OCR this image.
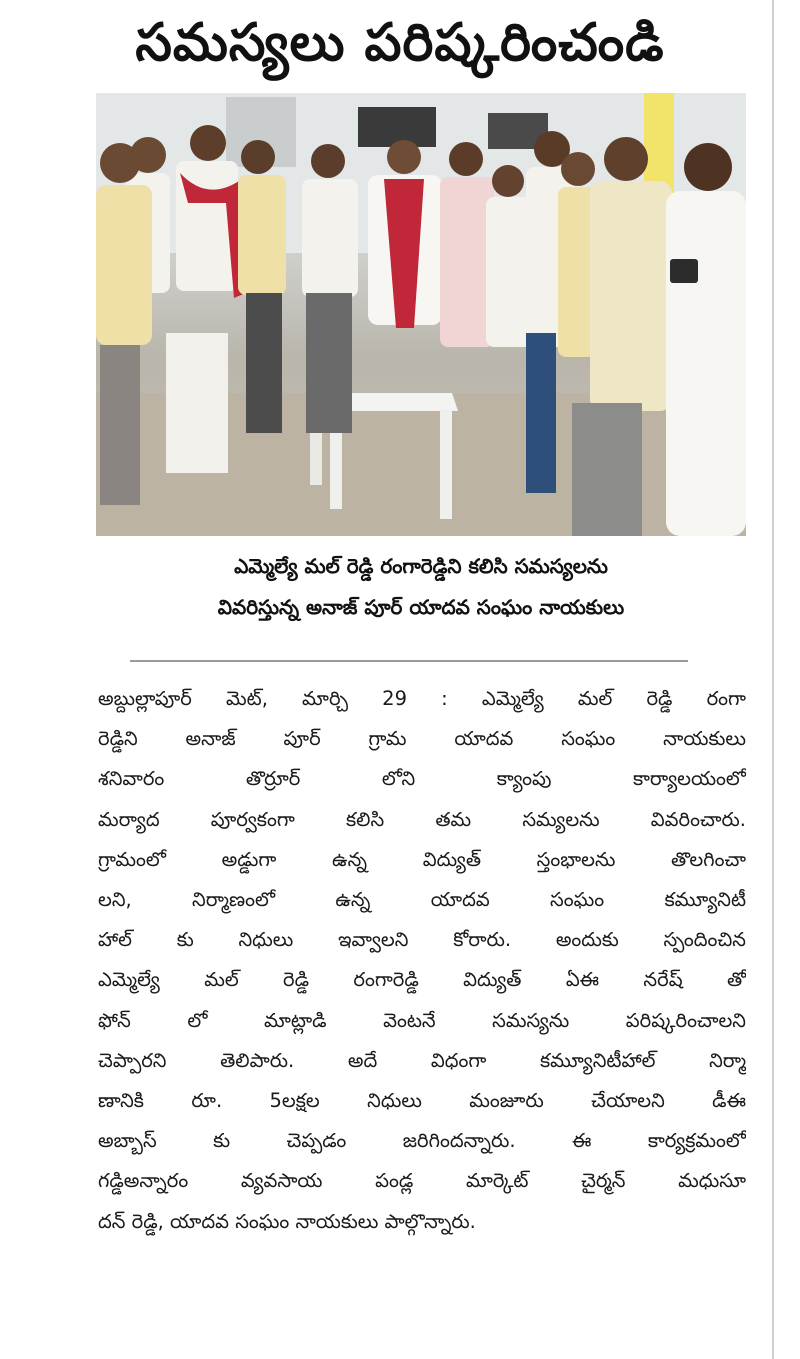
సమస్యలు పరిష్కరించండి
ఎమ్మెల్యే మల్ రెడ్డి రంగారెడ్డిని కలిసి సమస్యలను
వివరిస్తున్న అనాజ్ పూర్ యాదవ సంఘం నాయకులు
అబ్దుల్లాపూర్ మెట్, మార్చి 29 : ఎమ్మెల్యే మల్ రెడ్డి రంగా
రెడ్డిని అనాజ్ పూర్ గ్రామ యాదవ సంఘం నాయకులు
శనివారం తొర్రూర్ లోని క్యాంపు కార్యాలయంలో
మర్యాద పూర్వకంగా కలిసి తమ సమ్యలను వివరించారు.
గ్రామంలో అడ్డుగా ఉన్న విద్యుత్ స్తంభాలను తొలగించా
లని, నిర్మాణంలో ఉన్న యాదవ సంఘం కమ్యూనిటీ
హాల్ కు నిధులు ఇవ్వాలని కోరారు. అందుకు స్పందించిన
ఎమ్మెల్యే మల్ రెడ్డి రంగారెడ్డి విద్యుత్ ఏఈ నరేష్ తో
ఫోన్ లో మాట్లాడి వెంటనే సమస్యను పరిష్కరించాలని
చెప్పారని తెలిపారు. అదే విధంగా కమ్యూనిటీహాల్ నిర్మా
ణానికి రూ. 5లక్షల నిధులు మంజూరు చేయాలని డీఈ
అబ్బాస్ కు చెప్పడం జరిగిందన్నారు. ఈ కార్యక్రమంలో
గడ్డిఅన్నారం వ్యవసాయ పండ్ల మార్కెట్ చైర్మన్ మధుసూ
దన్ రెడ్డి, యాదవ సంఘం నాయకులు పాల్గొన్నారు.
